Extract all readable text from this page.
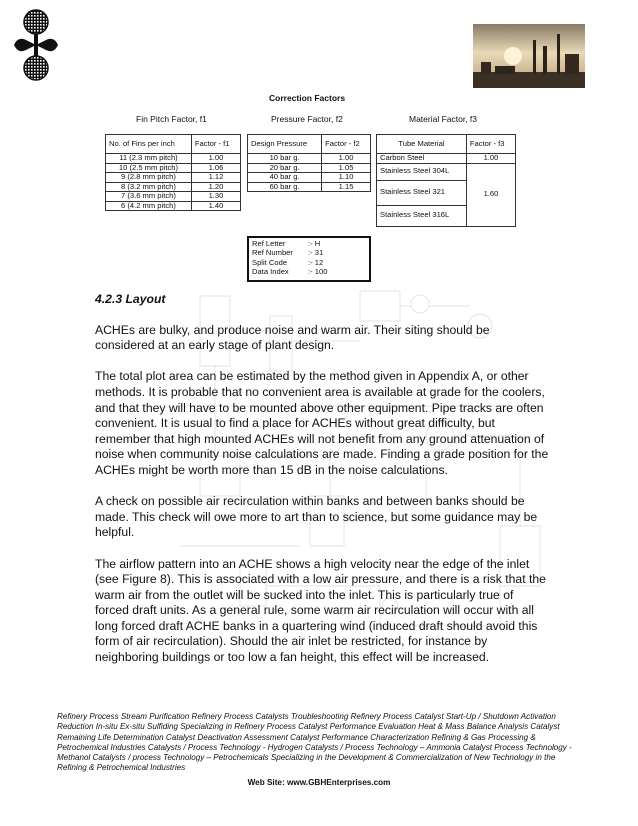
Correction Factors
Fin Pitch Factor, f1	Pressure Factor, f2	Material Factor, f3
No. of Fins per inch	Factor - f1
11 (2.3 mm pitch)	1.00
10 (2.5 mm pitch)	1.06
9 (2.8 mm pitch)	1.12
8 (3.2 mm pitch)	1.20
7 (3.6 mm pitch)	1.30
6 (4.2 mm pitch)	1.40
Design Pressure	Factor - f2
10 bar g.	1.00
20 bar g.	1.05
40 bar g.	1.10
60 bar g.	1.15
Tube Material	Factor - f3
Carbon Steel	1.00
Stainless Steel 304L	1.60
Stainless Steel 321	
Stainless Steel 316L	
Ref Letter	:- H
Ref Number	:- 31
Split Code	:- 12
Data Index	:- 100
4.2.3 Layout

ACHEs are bulky, and produce noise and warm air. Their siting should be considered at an early stage of plant design.

The total plot area can be estimated by the method given in Appendix A, or other methods. It is probable that no convenient area is available at grade for the coolers, and that they will have to be mounted above other equipment. Pipe tracks are often convenient. It is usual to find a place for ACHEs without great difficulty, but remember that high mounted ACHEs will not benefit from any ground attenuation of noise when community noise calculations are made. Finding a grade position for the ACHEs might be worth more than 15 dB in the noise calculations.

A check on possible air recirculation within banks and between banks should be made. This check will owe more to art than to science, but some guidance may be helpful.

The airflow pattern into an ACHE shows a high velocity near the edge of the inlet (see Figure 8). This is associated with a low air pressure, and there is a risk that the warm air from the outlet will be sucked into the inlet. This is particularly true of forced draft units. As a general rule, some warm air recirculation will occur with all long forced draft ACHE banks in a quartering wind (induced draft should avoid this form of air recirculation). Should the air inlet be restricted, for instance by neighboring buildings or too low a fan height, this effect will be increased.

Refinery Process Stream Purification Refinery Process Catalysts Troubleshooting Refinery Process Catalyst Start-Up / Shutdown Activation Reduction In-situ Ex-situ Sulfiding Specializing in Refinery Process Catalyst Performance Evaluation Heat & Mass Balance Analysis Catalyst Remaining Life Determination Catalyst Deactivation Assessment Catalyst Performance Characterization Refining & Gas Processing & Petrochemical Industries Catalysts / Process Technology - Hydrogen Catalysts / Process Technology – Ammonia Catalyst Process Technology - Methanol Catalysts / process Technology – Petrochemicals Specializing in the Development & Commercialization of New Technology in the Refining & Petrochemical Industries
Web Site: www.GBHEnterprises.com
